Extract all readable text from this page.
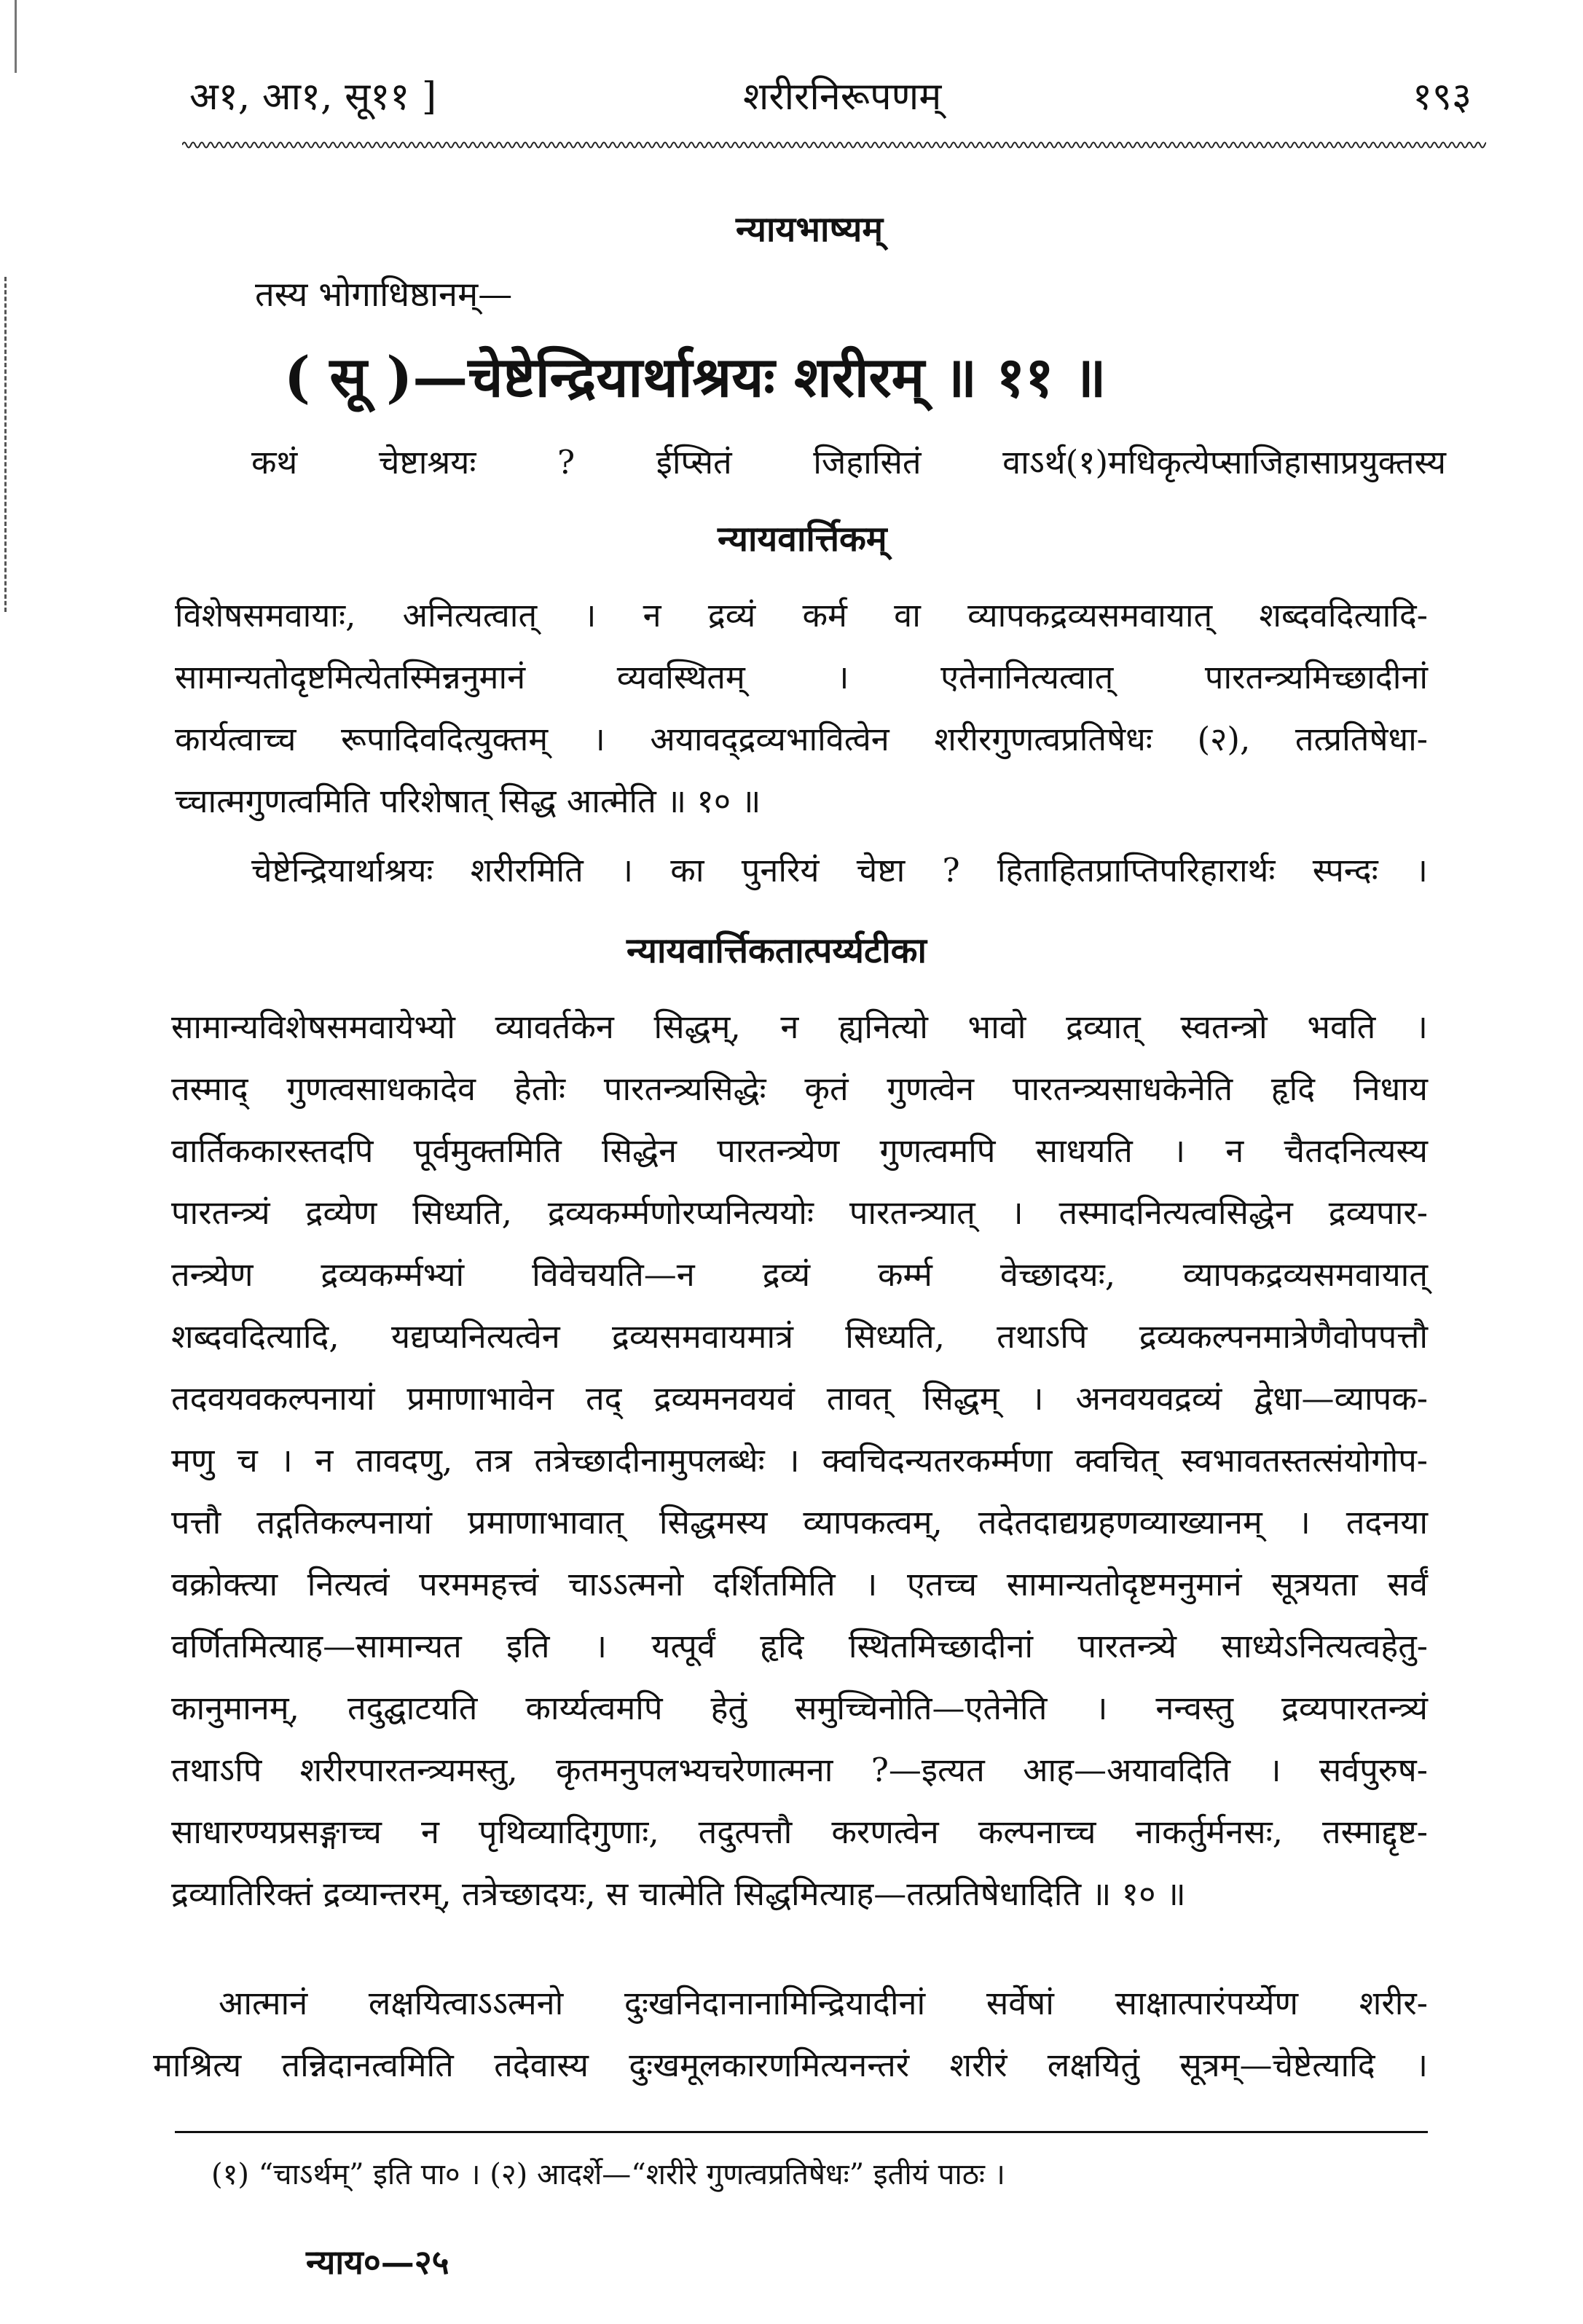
अ१, आ१, सू११ ]	शरीरनिरूपणम्	१९३
न्यायभाष्यम्
तस्य भोगाधिष्ठानम्—
( सू )—चेष्टेन्द्रियार्थाश्रयः शरीरम् ॥ ११ ॥
कथं चेष्टाश्रयः ? ईप्सितं जिहासितं वाऽर्थ(१)मधिकृत्येप्साजिहासाप्रयुक्तस्य
न्यायवार्त्तिकम्
विशेषसमवायाः, अनित्यत्वात् । न द्रव्यं कर्म वा व्यापकद्रव्यसमवायात् शब्दवदित्यादि-
सामान्यतोदृष्टमित्येतस्मिन्ननुमानं व्यवस्थितम् । एतेनानित्यत्वात् पारतन्त्र्यमिच्छादीनां
कार्यत्वाच्च रूपादिवदित्युक्तम् । अयावद्द्रव्यभावित्वेन शरीरगुणत्वप्रतिषेधः (२), तत्प्रतिषेधा-
च्चात्मगुणत्वमिति परिशेषात् सिद्ध आत्मेति ॥ १० ॥
चेष्टेन्द्रियार्थाश्रयः शरीरमिति । का पुनरियं चेष्टा ? हिताहितप्राप्तिपरिहारार्थः स्पन्दः ।
न्यायवार्त्तिकतात्पर्य्यटीका
सामान्यविशेषसमवायेभ्यो व्यावर्तकेन सिद्धम्, न ह्यनित्यो भावो द्रव्यात् स्वतन्त्रो भवति ।
तस्माद् गुणत्वसाधकादेव हेतोः पारतन्त्र्यसिद्धेः कृतं गुणत्वेन पारतन्त्र्यसाधकेनेति हृदि निधाय
वार्तिककारस्तदपि पूर्वमुक्तमिति सिद्धेन पारतन्त्र्येण गुणत्वमपि साधयति । न चैतदनित्यस्य
पारतन्त्र्यं द्रव्येण सिध्यति, द्रव्यकर्म्मणोरप्यनित्ययोः पारतन्त्र्यात् । तस्मादनित्यत्वसिद्धेन द्रव्यपार-
तन्त्र्येण द्रव्यकर्म्मभ्यां विवेचयति—न द्रव्यं कर्म्म वेच्छादयः, व्यापकद्रव्यसमवायात्
शब्दवदित्यादि, यद्यप्यनित्यत्वेन द्रव्यसमवायमात्रं सिध्यति, तथाऽपि द्रव्यकल्पनमात्रेणैवोपपत्तौ
तदवयवकल्पनायां प्रमाणाभावेन तद् द्रव्यमनवयवं तावत् सिद्धम् । अनवयवद्रव्यं द्वेधा—व्यापक-
मणु च । न तावदणु, तत्र तत्रेच्छादीनामुपलब्धेः । क्वचिदन्यतरकर्म्मणा क्वचित् स्वभावतस्तत्संयोगोप-
पत्तौ तद्गतिकल्पनायां प्रमाणाभावात् सिद्धमस्य व्यापकत्वम्, तदेतदाद्यग्रहणव्याख्यानम् । तदनया
वक्रोक्त्या नित्यत्वं परममहत्त्वं चाऽऽत्मनो दर्शितमिति । एतच्च सामान्यतोदृष्टमनुमानं सूत्रयता सर्वं
वर्णितमित्याह—सामान्यत इति । यत्पूर्वं हृदि स्थितमिच्छादीनां पारतन्त्र्ये साध्येऽनित्यत्वहेतु-
कानुमानम्, तदुद्घाटयति कार्य्यत्वमपि हेतुं समुच्चिनोति—एतेनेति । नन्वस्तु द्रव्यपारतन्त्र्यं
तथाऽपि शरीरपारतन्त्र्यमस्तु, कृतमनुपलभ्यचरेणात्मना ?—इत्यत आह—अयावदिति । सर्वपुरुष-
साधारण्यप्रसङ्गाच्च न पृथिव्यादिगुणाः, तदुत्पत्तौ करणत्वेन कल्पनाच्च नाकर्तुर्मनसः, तस्माद्दृष्ट-
द्रव्यातिरिक्तं द्रव्यान्तरम्, तत्रेच्छादयः, स चात्मेति सिद्धमित्याह—तत्प्रतिषेधादिति ॥ १० ॥
आत्मानं लक्षयित्वाऽऽत्मनो दुःखनिदानानामिन्द्रियादीनां सर्वेषां साक्षात्पारंपर्य्येण शरीर-
माश्रित्य तन्निदानत्वमिति तदेवास्य दुःखमूलकारणमित्यनन्तरं शरीरं लक्षयितुं सूत्रम्—चेष्टेत्यादि ।
(१) “चाऽर्थम्” इति पा० । (२) आदर्शे—“शरीरे गुणत्वप्रतिषेधः” इतीयं पाठः ।
न्याय०—२५
